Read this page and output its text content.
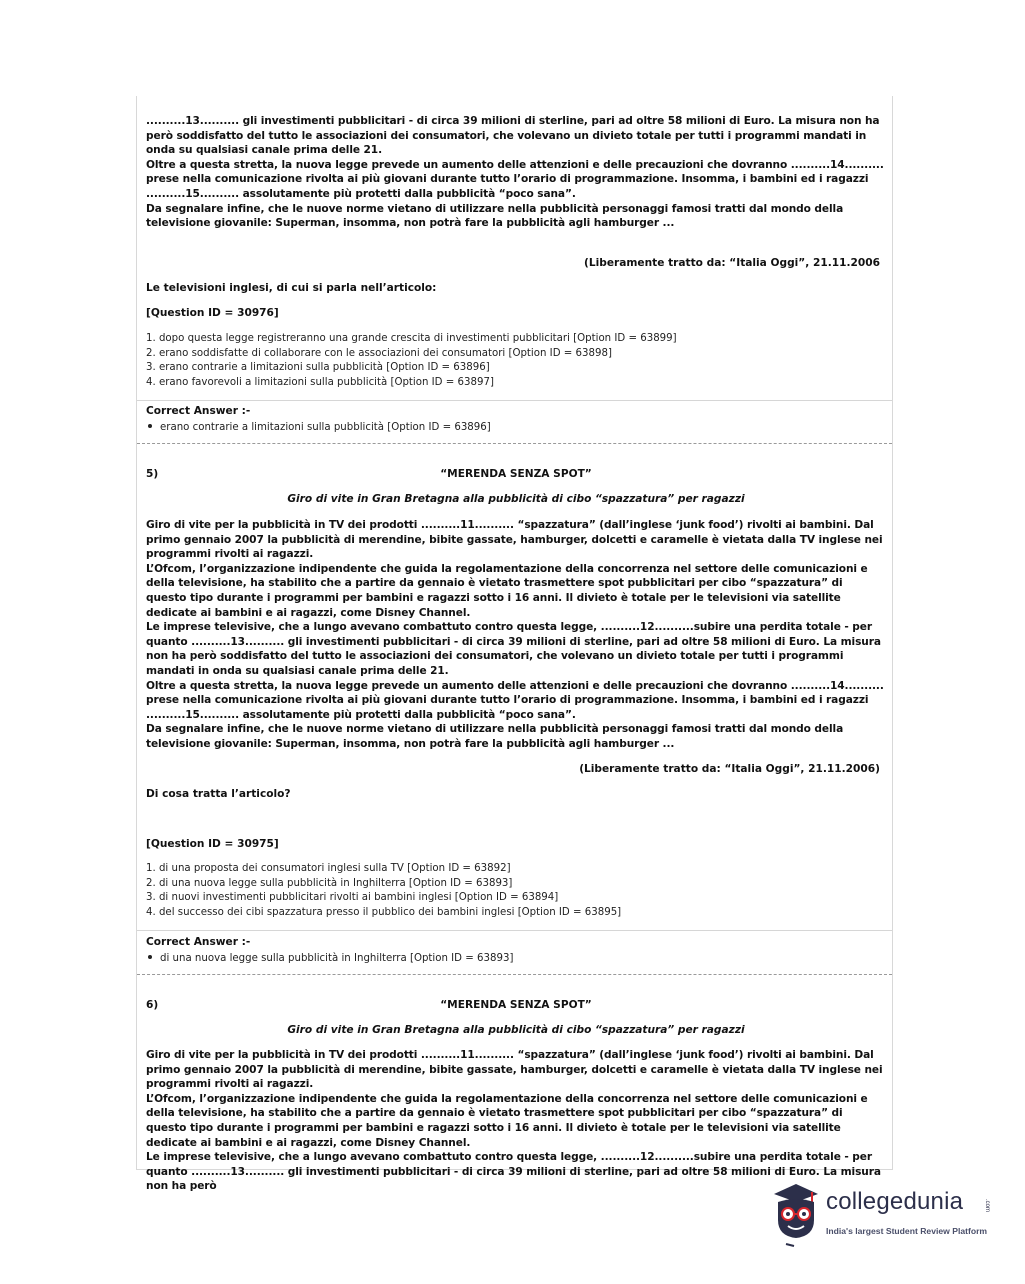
..........13.......... gli investimenti pubblicitari - di circa 39 milioni di sterline, pari ad oltre 58 milioni di Euro. La misura non ha però soddisfatto del tutto le associazioni dei consumatori, che volevano un divieto totale per tutti i programmi mandati in onda su qualsiasi canale prima delle 21.

Oltre a questa stretta, la nuova legge prevede un aumento delle attenzioni e delle precauzioni che dovranno ..........14.......... prese nella comunicazione rivolta ai più giovani durante tutto l’orario di programmazione. Insomma, i bambini ed i ragazzi ..........15.......... assolutamente più protetti dalla pubblicità “poco sana”.

Da segnalare infine, che le nuove norme vietano di utilizzare nella pubblicità personaggi famosi tratti dal mondo della televisione giovanile: Superman, insomma, non potrà fare la pubblicità agli hamburger ...

(Liberamente tratto da: “Italia Oggi”, 21.11.2006
Le televisioni inglesi, di cui si parla nell’articolo:
[Question ID = 30976]
1. dopo questa legge registreranno una grande crescita di investimenti pubblicitari [Option ID = 63899]
2. erano soddisfatte di collaborare con le associazioni dei consumatori [Option ID = 63898]
3. erano contrarie a limitazioni sulla pubblicità [Option ID = 63896]
4. erano favorevoli a limitazioni sulla pubblicità [Option ID = 63897]
Correct Answer :-
erano contrarie a limitazioni sulla pubblicità [Option ID = 63896]
5)	“MERENDA SENZA SPOT”
Giro di vite in Gran Bretagna alla pubblicità di cibo “spazzatura” per ragazzi

Giro di vite per la pubblicità in TV dei prodotti ..........11.......... “spazzatura” (dall’inglese ‘junk food’) rivolti ai bambini. Dal primo gennaio 2007 la pubblicità di merendine, bibite gassate, hamburger, dolcetti e caramelle è vietata dalla TV inglese nei programmi rivolti ai ragazzi.

L’Ofcom, l’organizzazione indipendente che guida la regolamentazione della concorrenza nel settore delle comunicazioni e della televisione, ha stabilito che a partire da gennaio è vietato trasmettere spot pubblicitari per cibo “spazzatura” di questo tipo durante i programmi per bambini e ragazzi sotto i 16 anni. Il divieto è totale per le televisioni via satellite dedicate ai bambini e ai ragazzi, come Disney Channel.

Le imprese televisive, che a lungo avevano combattuto contro questa legge, ..........12..........subire una perdita totale - per quanto ..........13.......... gli investimenti pubblicitari - di circa 39 milioni di sterline, pari ad oltre 58 milioni di Euro. La misura non ha però soddisfatto del tutto le associazioni dei consumatori, che volevano un divieto totale per tutti i programmi mandati in onda su qualsiasi canale prima delle 21.

Oltre a questa stretta, la nuova legge prevede un aumento delle attenzioni e delle precauzioni che dovranno ..........14.......... prese nella comunicazione rivolta ai più giovani durante tutto l’orario di programmazione. Insomma, i bambini ed i ragazzi ..........15.......... assolutamente più protetti dalla pubblicità “poco sana”.

Da segnalare infine, che le nuove norme vietano di utilizzare nella pubblicità personaggi famosi tratti dal mondo della televisione giovanile: Superman, insomma, non potrà fare la pubblicità agli hamburger ...

(Liberamente tratto da: “Italia Oggi”, 21.11.2006)
Di cosa tratta l’articolo?
[Question ID = 30975]
1. di una proposta dei consumatori inglesi sulla TV [Option ID = 63892]
2. di una nuova legge sulla pubblicità in Inghilterra [Option ID = 63893]
3. di nuovi investimenti pubblicitari rivolti ai bambini inglesi [Option ID = 63894]
4. del successo dei cibi spazzatura presso il pubblico dei bambini inglesi [Option ID = 63895]
Correct Answer :-
di una nuova legge sulla pubblicità in Inghilterra [Option ID = 63893]
6)	“MERENDA SENZA SPOT”
Giro di vite in Gran Bretagna alla pubblicità di cibo “spazzatura” per ragazzi

Giro di vite per la pubblicità in TV dei prodotti ..........11.......... “spazzatura” (dall’inglese ‘junk food’) rivolti ai bambini. Dal primo gennaio 2007 la pubblicità di merendine, bibite gassate, hamburger, dolcetti e caramelle è vietata dalla TV inglese nei programmi rivolti ai ragazzi.

L’Ofcom, l’organizzazione indipendente che guida la regolamentazione della concorrenza nel settore delle comunicazioni e della televisione, ha stabilito che a partire da gennaio è vietato trasmettere spot pubblicitari per cibo “spazzatura” di questo tipo durante i programmi per bambini e ragazzi sotto i 16 anni. Il divieto è totale per le televisioni via satellite dedicate ai bambini e ai ragazzi, come Disney Channel.

Le imprese televisive, che a lungo avevano combattuto contro questa legge, ..........12..........subire una perdita totale - per quanto ..........13.......... gli investimenti pubblicitari - di circa 39 milioni di sterline, pari ad oltre 58 milioni di Euro. La misura non ha però

collegedunia	.com
India's largest Student Review Platform
